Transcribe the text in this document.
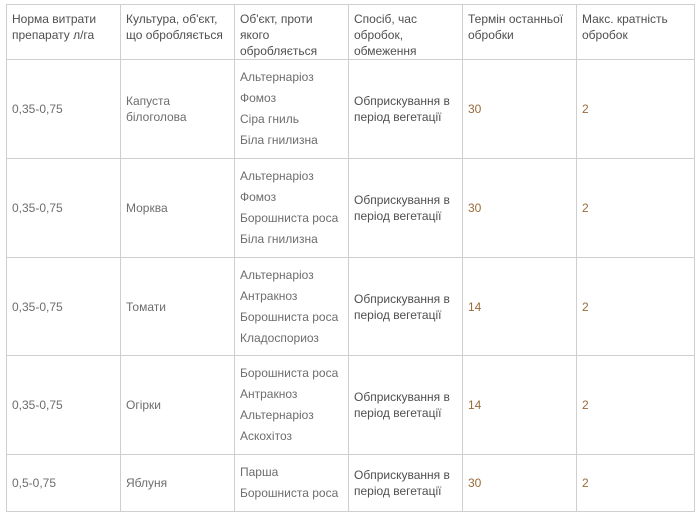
Норма витрати препарату л/га	Культура, об'єкт, що обробляється	Об'єкт, проти якого обробляється	Спосіб, час обробок, обмеження	Термін останньої обробки	Макс. кратність обробок

0,35-0,75	Капуста білоголова	Альтернаріоз
Фомоз
Сіра гниль
Біла гнилизна	Обприскування в період вегетації	30	2

0,35-0,75	Морква	Альтернаріоз
Фомоз
Борошниста роса
Біла гнилизна	Обприскування в період вегетації	30	2

0,35-0,75	Томати	Альтернаріоз
Антракноз
Борошниста роса
Кладоспориоз	Обприскування в період вегетації	14	2

0,35-0,75	Огірки	Борошниста роса
Антракноз
Альтернаріоз
Аскохітоз	Обприскування в період вегетації	14	2

0,5-0,75	Яблуня	Парша
Борошниста роса	Обприскування в період вегетації	30	2
